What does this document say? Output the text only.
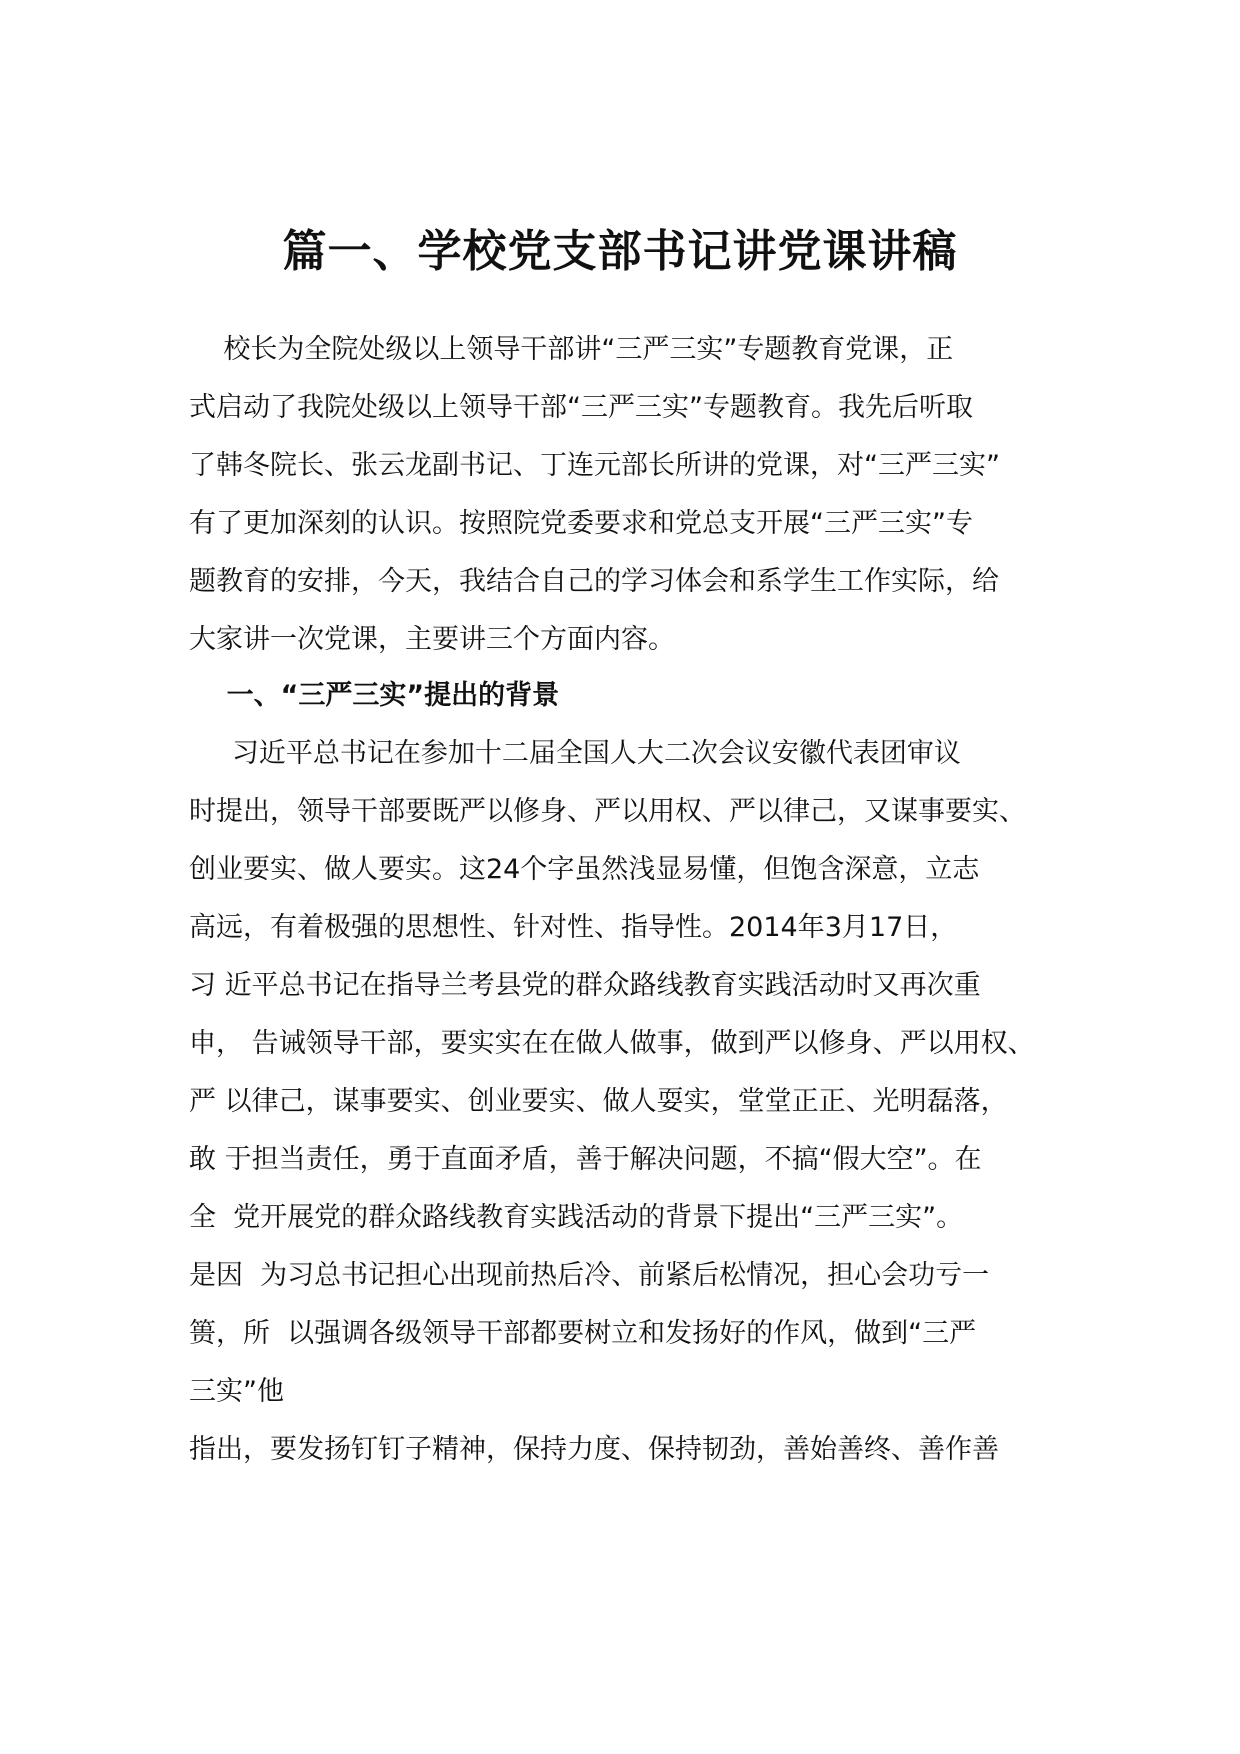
篇一、学校党支部书记讲党课讲稿

校长为全院处级以上领导干部讲“三严三实”专题教育党课，正

式启动了我院处级以上领导干部“三严三实”专题教育。我先后听取

了韩冬院长、张云龙副书记、丁连元部长所讲的党课，对“三严三实”

有了更加深刻的认识。按照院党委要求和党总支开展“三严三实”专

题教育的安排，今天，我结合自己的学习体会和系学生工作实际，给

大家讲一次党课，主要讲三个方面内容。

一、“三严三实”提出的背景

习近平总书记在参加十二届全国人大二次会议安徽代表团审议

时提出，领导干部要既严以修身、严以用权、严以律己，又谋事要实、

创业要实、做人要实。这24个字虽然浅显易懂，但饱含深意，立志

高远，有着极强的思想性、针对性、指导性。2014年3月17日，

习 近平总书记在指导兰考县党的群众路线教育实践活动时又再次重

申， 告诫领导干部，要实实在在做人做事，做到严以修身、严以用权、

严 以律己，谋事要实、创业要实、做人耍实，堂堂正正、光明磊落，

敢 于担当责任，勇于直面矛盾，善于解决问题，不搞“假大空”。在

全  党开展党的群众路线教育实践活动的背景下提出“三严三实”。

是因  为习总书记担心出现前热后冷、前紧后松情况，担心会功亏一

篑，所  以强调各级领导干部都要树立和发扬好的作风，做到“三严

三实”他

指出，要发扬钉钉子精神，保持力度、保持韧劲，善始善终、善作善
